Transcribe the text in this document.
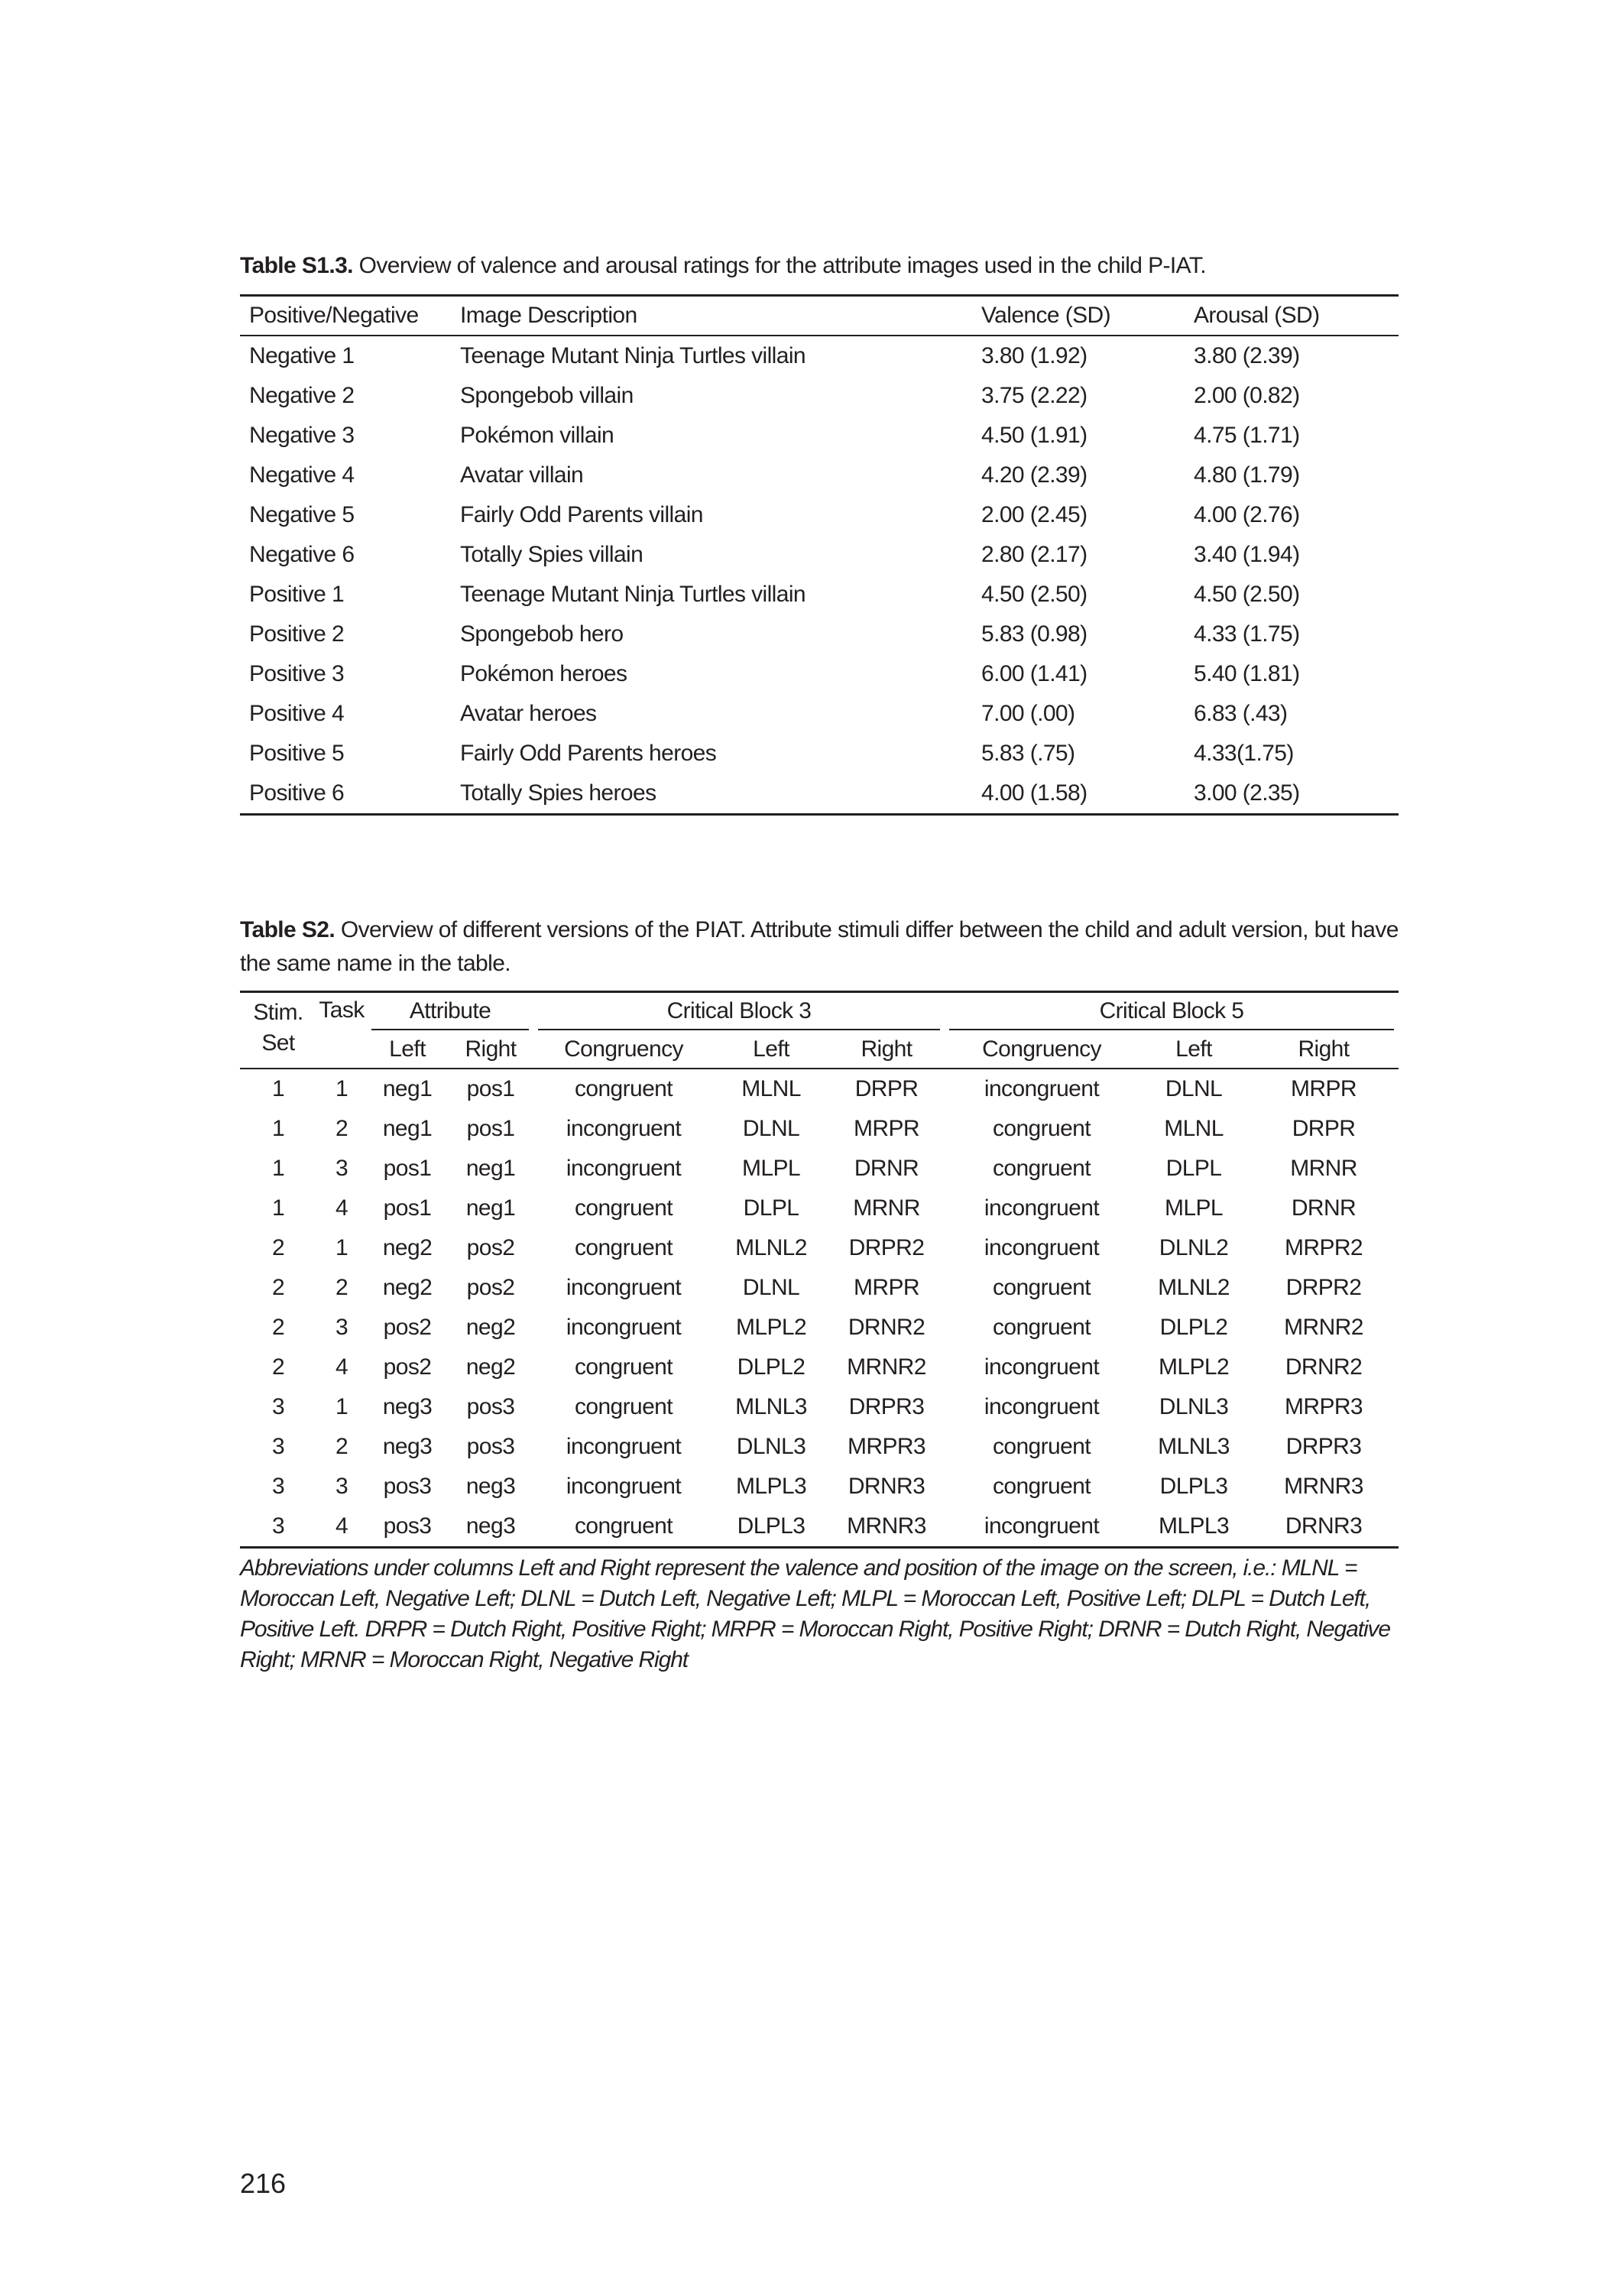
Table S1.3. Overview of valence and arousal ratings for the attribute images used in the child P-IAT.

Positive/Negative	Image Description	Valence (SD)	Arousal (SD)
Negative 1	Teenage Mutant Ninja Turtles villain	3.80 (1.92)	3.80 (2.39)
Negative 2	Spongebob villain	3.75 (2.22)	2.00 (0.82)
Negative 3	Pokémon villain	4.50 (1.91)	4.75 (1.71)
Negative 4	Avatar villain	4.20 (2.39)	4.80 (1.79)
Negative 5	Fairly Odd Parents villain	2.00 (2.45)	4.00 (2.76)
Negative 6	Totally Spies villain	2.80 (2.17)	3.40 (1.94)
Positive 1	Teenage Mutant Ninja Turtles villain	4.50 (2.50)	4.50 (2.50)
Positive 2	Spongebob hero	5.83 (0.98)	4.33 (1.75)
Positive 3	Pokémon heroes	6.00 (1.41)	5.40 (1.81)
Positive 4	Avatar heroes	7.00 (.00)	6.83 (.43)
Positive 5	Fairly Odd Parents heroes	5.83 (.75)	4.33(1.75)
Positive 6	Totally Spies heroes	4.00 (1.58)	3.00 (2.35)

Table S2. Overview of different versions of the PIAT. Attribute stimuli differ between the child and adult version, but have the same name in the table.

Stim. Set	Task	Attribute		Critical Block 3			Critical Block 5		

		Left	Right	Congruency	Left	Right	Congruency	Left	Right
1	1	neg1	pos1	congruent	MLNL	DRPR	incongruent	DLNL	MRPR
1	2	neg1	pos1	incongruent	DLNL	MRPR	congruent	MLNL	DRPR
1	3	pos1	neg1	incongruent	MLPL	DRNR	congruent	DLPL	MRNR
1	4	pos1	neg1	congruent	DLPL	MRNR	incongruent	MLPL	DRNR
2	1	neg2	pos2	congruent	MLNL2	DRPR2	incongruent	DLNL2	MRPR2
2	2	neg2	pos2	incongruent	DLNL	MRPR	congruent	MLNL2	DRPR2
2	3	pos2	neg2	incongruent	MLPL2	DRNR2	congruent	DLPL2	MRNR2
2	4	pos2	neg2	congruent	DLPL2	MRNR2	incongruent	MLPL2	DRNR2
3	1	neg3	pos3	congruent	MLNL3	DRPR3	incongruent	DLNL3	MRPR3
3	2	neg3	pos3	incongruent	DLNL3	MRPR3	congruent	MLNL3	DRPR3
3	3	pos3	neg3	incongruent	MLPL3	DRNR3	congruent	DLPL3	MRNR3
3	4	pos3	neg3	congruent	DLPL3	MRNR3	incongruent	MLPL3	DRNR3

Abbreviations under columns Left and Right represent the valence and position of the image on the screen, i.e.: MLNL = Moroccan Left, Negative Left; DLNL = Dutch Left, Negative Left; MLPL = Moroccan Left, Positive Left; DLPL = Dutch Left, Positive Left. DRPR = Dutch Right, Positive Right; MRPR = Moroccan Right, Positive Right; DRNR = Dutch Right, Negative Right; MRNR = Moroccan Right, Negative Right

216
